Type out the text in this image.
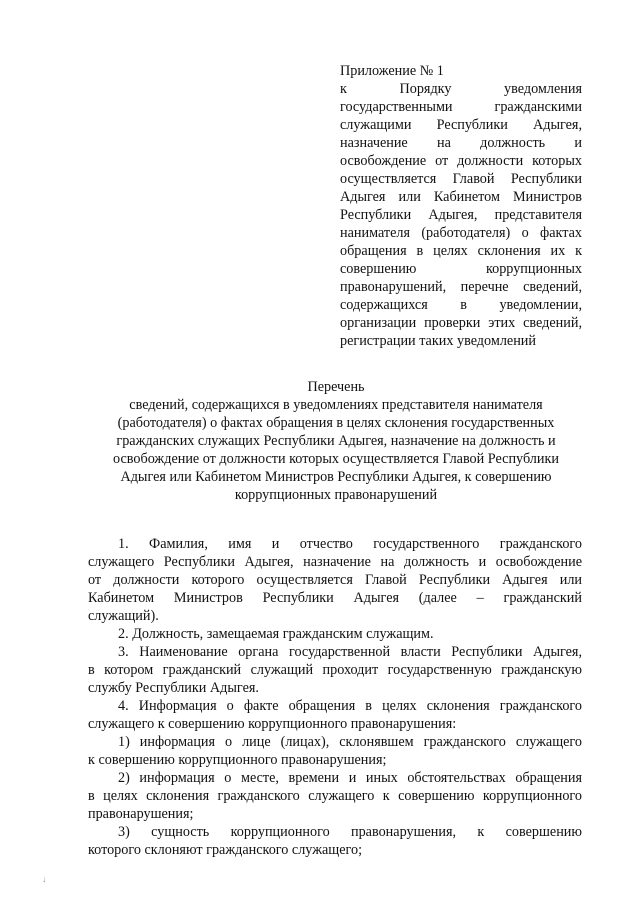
Приложение № 1
к Порядку уведомления
государственными гражданскими
служащими Республики Адыгея,
назначение на должность и
освобождение от должности которых
осуществляется Главой Республики
Адыгея или Кабинетом Министров
Республики Адыгея, представителя
нанимателя (работодателя) о фактах
обращения в целях склонения их к
совершению коррупционных
правонарушений, перечне сведений,
содержащихся в уведомлении,
организации проверки этих сведений,
регистрации таких уведомлений
Перечень
сведений, содержащихся в уведомлениях представителя нанимателя
(работодателя) о фактах обращения в целях склонения государственных
гражданских служащих Республики Адыгея, назначение на должность и
освобождение от должности которых осуществляется Главой Республики
Адыгея или Кабинетом Министров Республики Адыгея, к совершению
коррупционных правонарушений
1. Фамилия, имя и отчество государственного гражданского
служащего Республики Адыгея, назначение на должность и освобождение
от должности которого осуществляется Главой Республики Адыгея или
Кабинетом Министров Республики Адыгея (далее – гражданский
служащий).
2. Должность, замещаемая гражданским служащим.
3. Наименование органа государственной власти Республики Адыгея,
в котором гражданский служащий проходит государственную гражданскую
службу Республики Адыгея.
4. Информация о факте обращения в целях склонения гражданского
служащего к совершению коррупционного правонарушения:
1) информация о лице (лицах), склонявшем гражданского служащего
к совершению коррупционного правонарушения;
2) информация о месте, времени и иных обстоятельствах обращения
в целях склонения гражданского служащего к совершению коррупционного
правонарушения;
3) сущность коррупционного правонарушения, к совершению
которого склоняют гражданского служащего;
↓
